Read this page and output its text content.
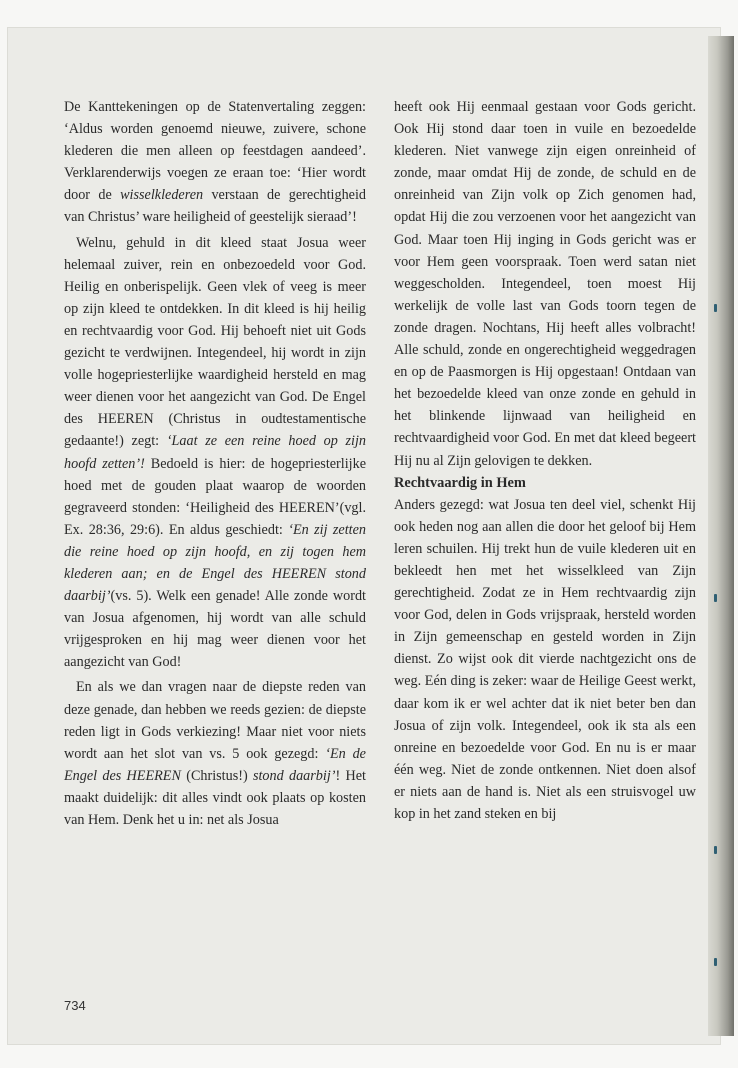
De Kanttekeningen op de Statenvertaling zeggen: ‘Aldus worden genoemd nieuwe, zuivere, schone klederen die men alleen op feestdagen aandeed’. Verklarenderwijs voegen ze eraan toe: ‘Hier wordt door de wisselklederen verstaan de gerechtigheid van Christus’ ware heiligheid of geestelijk sieraad’!

Welnu, gehuld in dit kleed staat Josua weer helemaal zuiver, rein en onbezoedeld voor God. Heilig en onberispelijk. Geen vlek of veeg is meer op zijn kleed te ontdekken. In dit kleed is hij heilig en rechtvaardig voor God. Hij behoeft niet uit Gods gezicht te verdwijnen. Integendeel, hij wordt in zijn volle hogepriesterlijke waardigheid hersteld en mag weer dienen voor het aangezicht van God. De Engel des HEEREN (Christus in oudtestamentische gedaante!) zegt: ‘Laat ze een reine hoed op zijn hoofd zetten’! Bedoeld is hier: de hogepriesterlijke hoed met de gouden plaat waarop de woorden gegraveerd stonden: ‘Heiligheid des HEEREN’(vgl. Ex. 28:36, 29:6). En aldus geschiedt: ‘En zij zetten die reine hoed op zijn hoofd, en zij togen hem klederen aan; en de Engel des HEEREN stond daarbij’(vs. 5). Welk een genade! Alle zonde wordt van Josua afgenomen, hij wordt van alle schuld vrijgesproken en hij mag weer dienen voor het aangezicht van God!

En als we dan vragen naar de diepste reden van deze genade, dan hebben we reeds gezien: de diepste reden ligt in Gods verkiezing! Maar niet voor niets wordt aan het slot van vs. 5 ook gezegd: ‘En de Engel des HEEREN (Christus!) stond daarbij’! Het maakt duidelijk: dit alles vindt ook plaats op kosten van Hem. Denk het u in: net als Josua

heeft ook Hij eenmaal gestaan voor Gods gericht. Ook Hij stond daar toen in vuile en bezoedelde klederen. Niet vanwege zijn eigen onreinheid of zonde, maar omdat Hij de zonde, de schuld en de onreinheid van Zijn volk op Zich genomen had, opdat Hij die zou verzoenen voor het aangezicht van God. Maar toen Hij inging in Gods gericht was er voor Hem geen voorspraak. Toen werd satan niet weggescholden. Integendeel, toen moest Hij werkelijk de volle last van Gods toorn tegen de zonde dragen. Nochtans, Hij heeft alles volbracht! Alle schuld, zonde en ongerechtigheid weggedragen en op de Paasmorgen is Hij opgestaan! Ontdaan van het bezoedelde kleed van onze zonde en gehuld in het blinkende lijnwaad van heiligheid en rechtvaardigheid voor God. En met dat kleed begeert Hij nu al Zijn gelovigen te dekken.

Rechtvaardig in Hem

Anders gezegd: wat Josua ten deel viel, schenkt Hij ook heden nog aan allen die door het geloof bij Hem leren schuilen. Hij trekt hun de vuile klederen uit en bekleedt hen met het wisselkleed van Zijn gerechtigheid. Zodat ze in Hem rechtvaardig zijn voor God, delen in Gods vrijspraak, hersteld worden in Zijn gemeenschap en gesteld worden in Zijn dienst. Zo wijst ook dit vierde nachtgezicht ons de weg. Eén ding is zeker: waar de Heilige Geest werkt, daar kom ik er wel achter dat ik niet beter ben dan Josua of zijn volk. Integendeel, ook ik sta als een onreine en bezoedelde voor God. En nu is er maar één weg. Niet de zonde ontkennen. Niet doen alsof er niets aan de hand is. Niet als een struisvogel uw kop in het zand steken en bij

734
